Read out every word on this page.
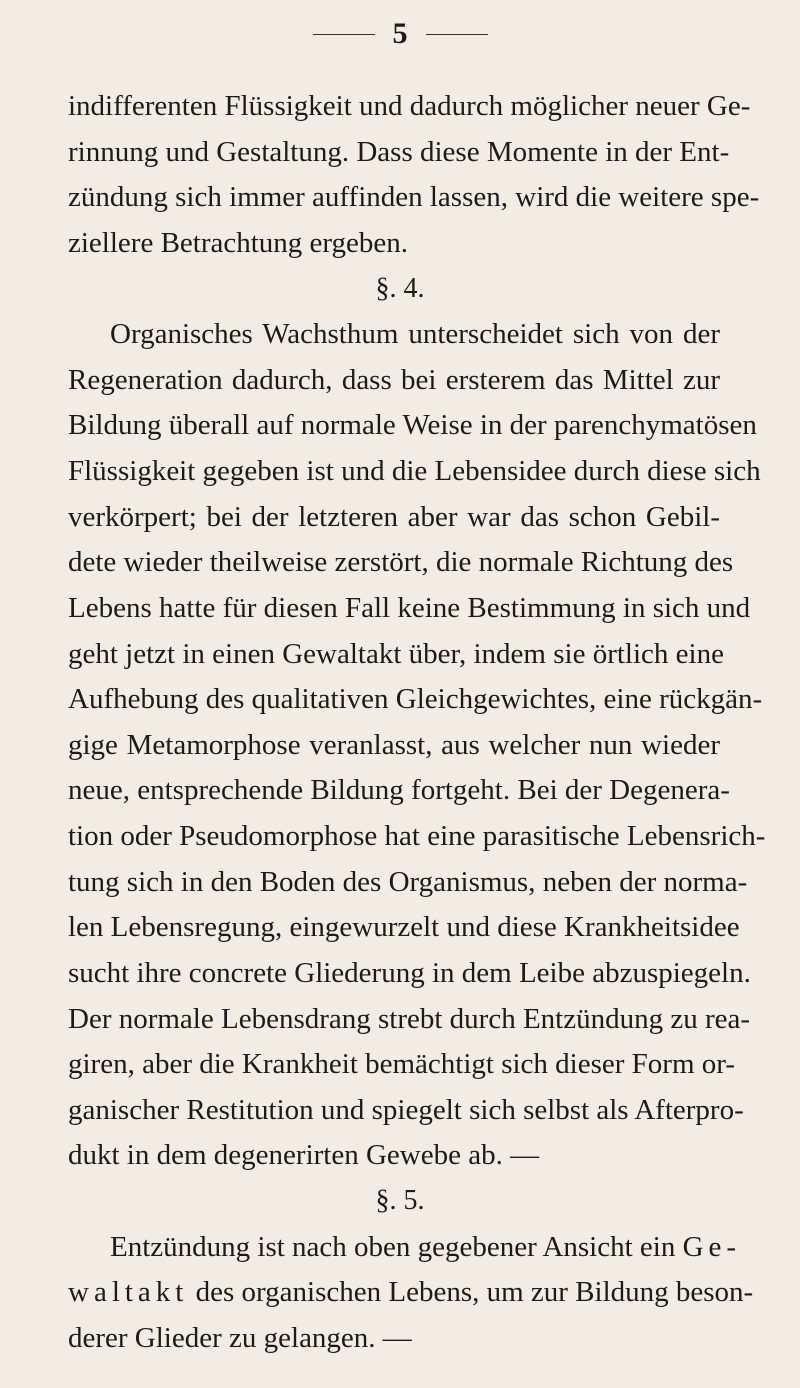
5
indifferenten Flüssigkeit und dadurch möglicher neuer Ge-
rinnung und Gestaltung. Dass diese Momente in der Ent-
zündung sich immer auffinden lassen, wird die weitere spe-
ziellere Betrachtung ergeben.
§. 4.
Organisches Wachsthum unterscheidet sich von der
Regeneration dadurch, dass bei ersterem das Mittel zur
Bildung überall auf normale Weise in der parenchymatösen
Flüssigkeit gegeben ist und die Lebensidee durch diese sich
verkörpert; bei der letzteren aber war das schon Gebil-
dete wieder theilweise zerstört, die normale Richtung des
Lebens hatte für diesen Fall keine Bestimmung in sich und
geht jetzt in einen Gewaltakt über, indem sie örtlich eine
Aufhebung des qualitativen Gleichgewichtes, eine rückgän-
gige Metamorphose veranlasst, aus welcher nun wieder
neue, entsprechende Bildung fortgeht. Bei der Degenera-
tion oder Pseudomorphose hat eine parasitische Lebensrich-
tung sich in den Boden des Organismus, neben der norma-
len Lebensregung, eingewurzelt und diese Krankheitsidee
sucht ihre concrete Gliederung in dem Leibe abzuspiegeln.
Der normale Lebensdrang strebt durch Entzündung zu rea-
giren, aber die Krankheit bemächtigt sich dieser Form or-
ganischer Restitution und spiegelt sich selbst als Afterpro-
dukt in dem degenerirten Gewebe ab. —
§. 5.
Entzündung ist nach oben gegebener Ansicht ein Ge-
waltakt des organischen Lebens, um zur Bildung beson-
derer Glieder zu gelangen. —
